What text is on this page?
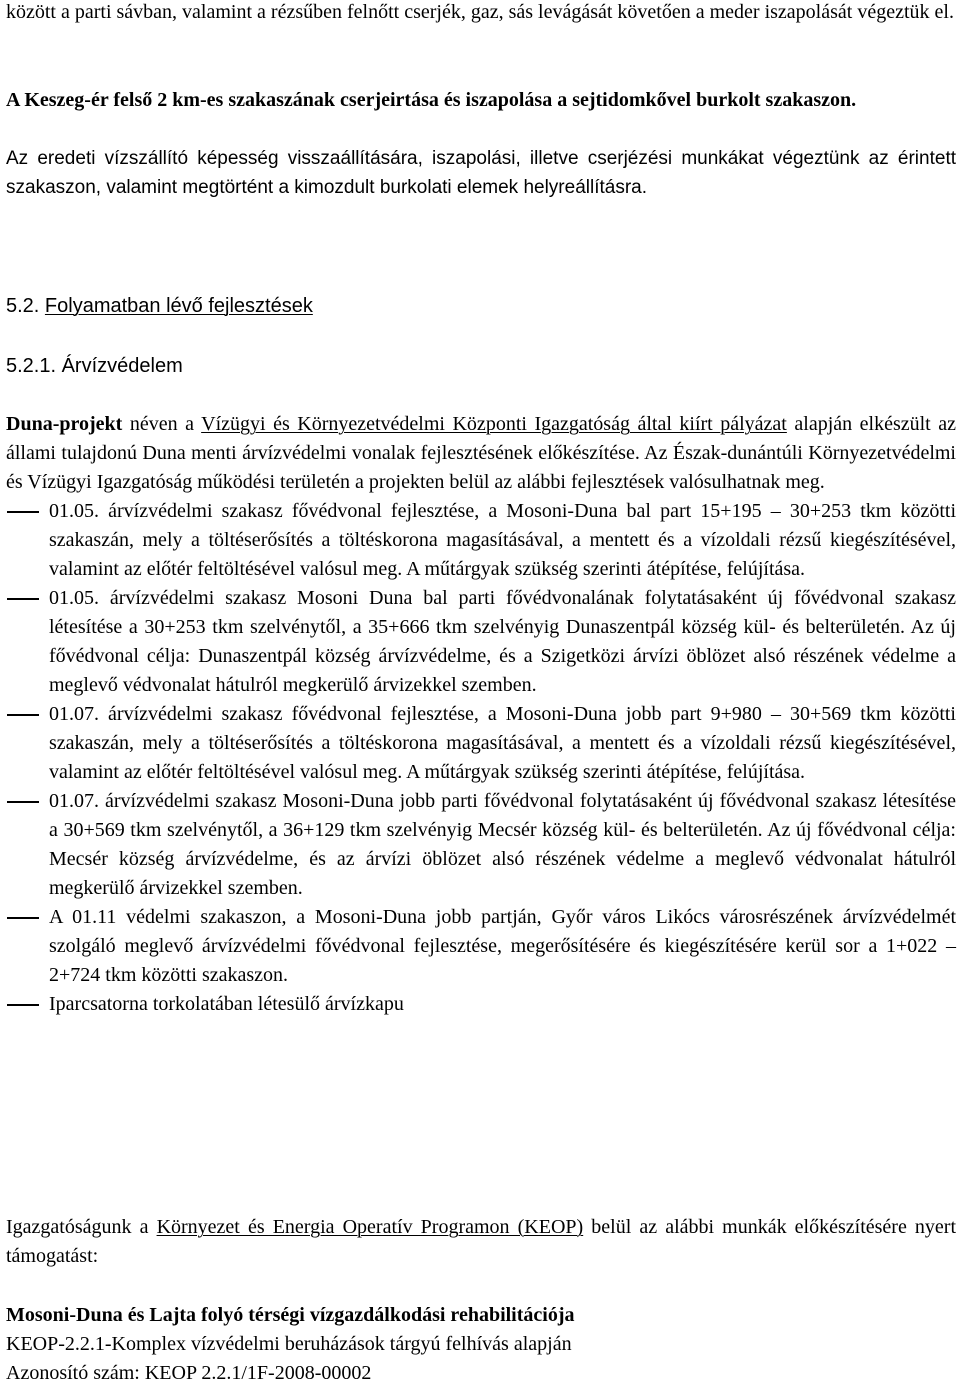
között a parti sávban, valamint a rézsűben felnőtt cserjék, gaz, sás levágását követően a meder iszapolását végeztük el.

A Keszeg-ér felső 2 km-es szakaszának cserjeirtása és iszapolása a sejtidomkővel burkolt szakaszon.

Az eredeti vízszállító képesség visszaállítására, iszapolási, illetve cserjézési munkákat végeztünk az érintett szakaszon, valamint megtörtént a kimozdult burkolati elemek helyreállításra.

5.2. Folyamatban lévő fejlesztések

5.2.1. Árvízvédelem

Duna-projekt néven a Vízügyi és Környezetvédelmi Központi Igazgatóság által kiírt pályázat alapján elkészült az állami tulajdonú Duna menti árvízvédelmi vonalak fejlesztésének előkészítése. Az Észak-dunántúli Környezetvédelmi és Vízügyi Igazgatóság működési területén a projekten belül az alábbi fejlesztések valósulhatnak meg.

01.05. árvízvédelmi szakasz fővédvonal fejlesztése, a Mosoni-Duna bal part 15+195 – 30+253 tkm közötti szakaszán, mely a töltéserősítés a töltéskorona magasításával, a mentett és a vízoldali rézsű kiegészítésével, valamint az előtér feltöltésével valósul meg. A műtárgyak szükség szerinti átépítése, felújítása.
01.05. árvízvédelmi szakasz Mosoni Duna bal parti fővédvonalának folytatásaként új fővédvonal szakasz létesítése a 30+253 tkm szelvénytől, a 35+666 tkm szelvényig Dunaszentpál község kül- és belterületén. Az új fővédvonal célja: Dunaszentpál község árvízvédelme, és a Szigetközi árvízi öblözet alsó részének védelme a meglevő védvonalat hátulról megkerülő árvizekkel szemben.
01.07. árvízvédelmi szakasz fővédvonal fejlesztése, a Mosoni-Duna jobb part 9+980 – 30+569 tkm közötti szakaszán, mely a töltéserősítés a töltéskorona magasításával, a mentett és a vízoldali rézsű kiegészítésével, valamint az előtér feltöltésével valósul meg. A műtárgyak szükség szerinti átépítése, felújítása.
01.07. árvízvédelmi szakasz Mosoni-Duna jobb parti fővédvonal folytatásaként új fővédvonal szakasz létesítése a 30+569 tkm szelvénytől, a 36+129 tkm szelvényig Mecsér község kül- és belterületén. Az új fővédvonal célja: Mecsér község árvízvédelme, és az árvízi öblözet alsó részének védelme a meglevő védvonalat hátulról megkerülő árvizekkel szemben.
A 01.11 védelmi szakaszon, a Mosoni-Duna jobb partján, Győr város Likócs városrészének árvízvédelmét szolgáló meglevő árvízvédelmi fővédvonal fejlesztése, megerősítésére és kiegészítésére kerül sor a 1+022 – 2+724 tkm közötti szakaszon.
Iparcsatorna torkolatában létesülő árvízkapu

Igazgatóságunk a Környezet és Energia Operatív Programon (KEOP) belül az alábbi munkák előkészítésére nyert támogatást:

Mosoni-Duna és Lajta folyó térségi vízgazdálkodási rehabilitációja

KEOP-2.2.1-Komplex vízvédelmi beruházások tárgyú felhívás alapján

Azonosító szám: KEOP 2.2.1/1F-2008-00002
